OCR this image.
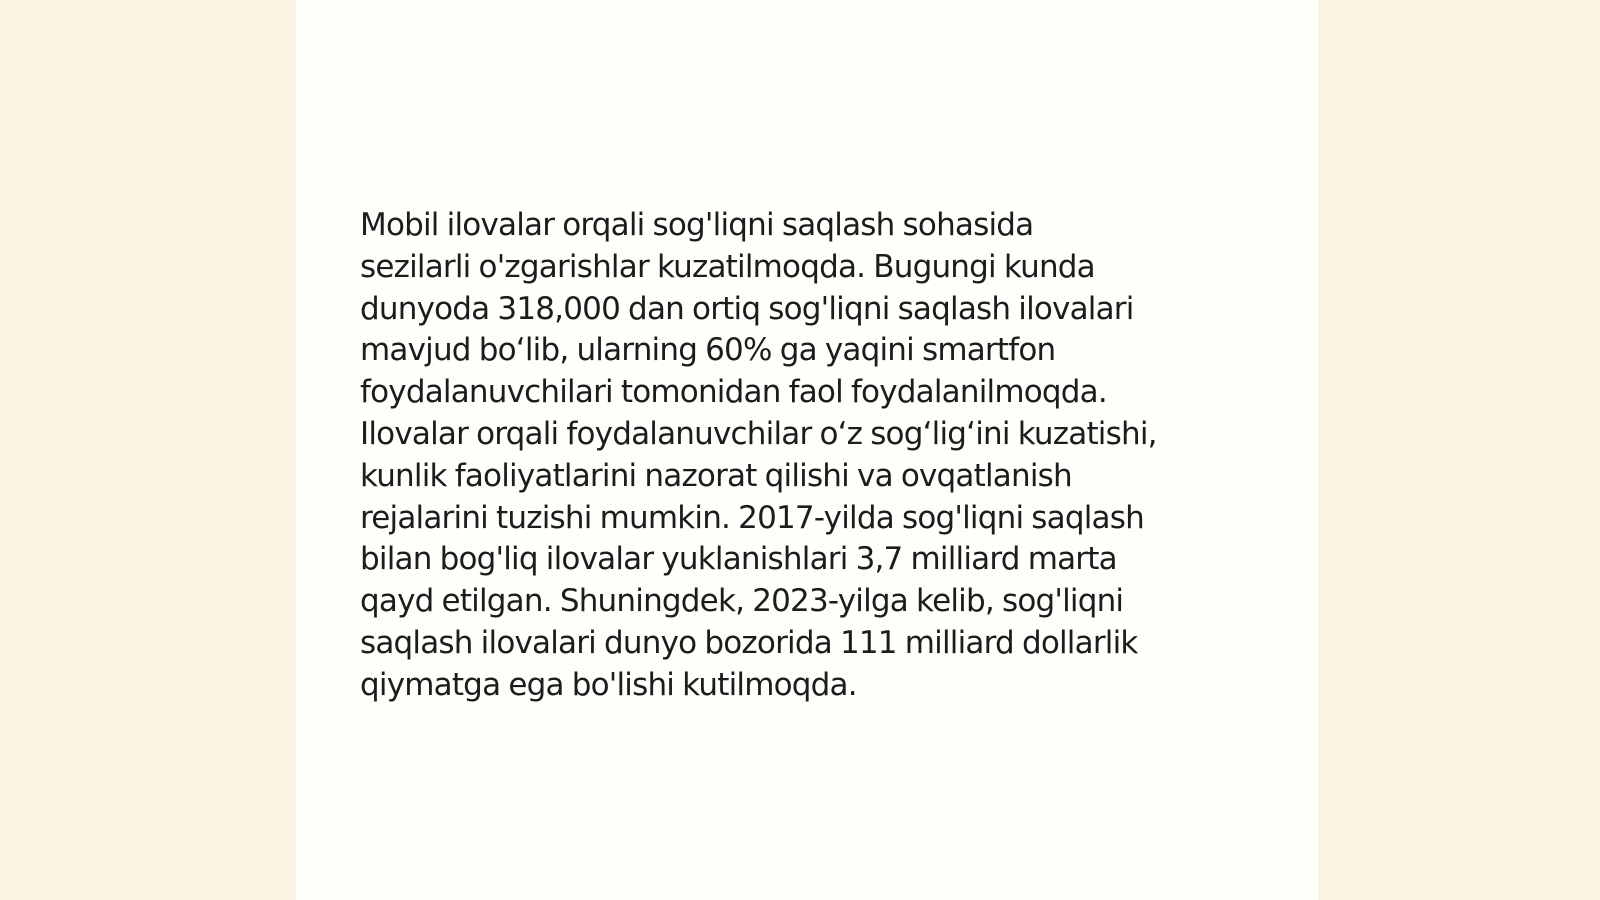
Mobil ilovalar orqali sog'liqni saqlash sohasida
sezilarli o'zgarishlar kuzatilmoqda. Bugungi kunda
dunyoda 318,000 dan ortiq sog'liqni saqlash ilovalari
mavjud bo‘lib, ularning 60% ga yaqini smartfon
foydalanuvchilari tomonidan faol foydalanilmoqda.
Ilovalar orqali foydalanuvchilar o‘z sog‘lig‘ini kuzatishi,
kunlik faoliyatlarini nazorat qilishi va ovqatlanish
rejalarini tuzishi mumkin. 2017-yilda sog'liqni saqlash
bilan bog'liq ilovalar yuklanishlari 3,7 milliard marta
qayd etilgan. Shuningdek, 2023-yilga kelib, sog'liqni
saqlash ilovalari dunyo bozorida 111 milliard dollarlik
qiymatga ega bo'lishi kutilmoqda.
